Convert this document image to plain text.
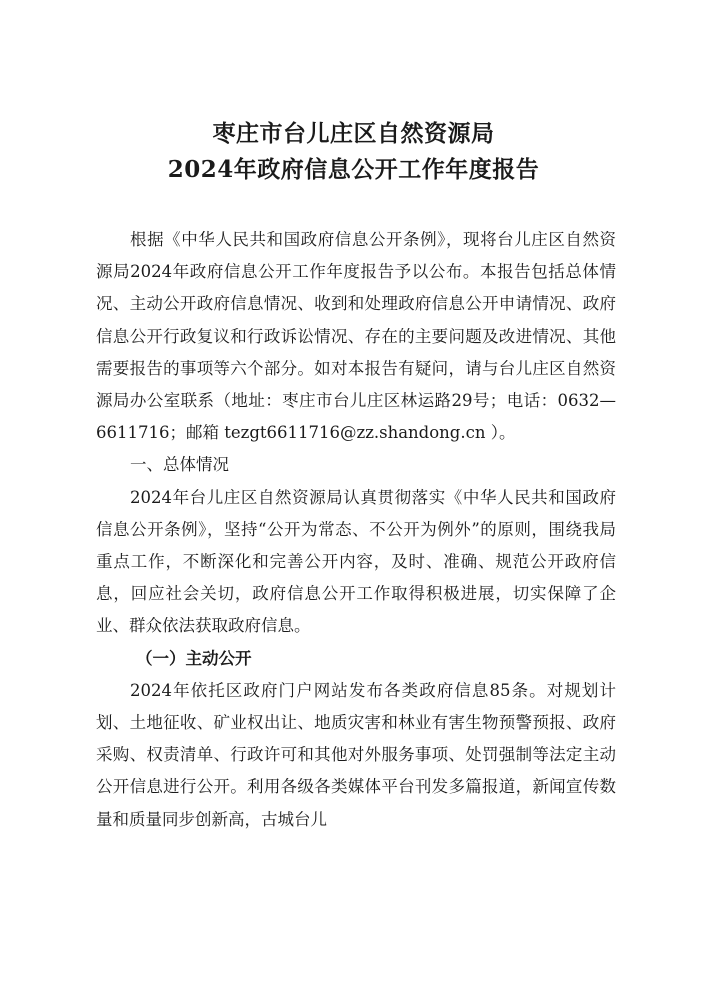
枣庄市台儿庄区自然资源局
2024年政府信息公开工作年度报告

根据《中华人民共和国政府信息公开条例》，现将台儿庄区自然资源局2024年政府信息公开工作年度报告予以公布。本报告包括总体情况、主动公开政府信息情况、收到和处理政府信息公开申请情况、政府信息公开行政复议和行政诉讼情况、存在的主要问题及改进情况、其他需要报告的事项等六个部分。如对本报告有疑问，请与台儿庄区自然资源局办公室联系（地址：枣庄市台儿庄区林运路29号；电话：0632—6611716；邮箱 tezgt6611716@zz.shandong.cn ）。

一、总体情况

2024年台儿庄区自然资源局认真贯彻落实《中华人民共和国政府信息公开条例》，坚持“公开为常态、不公开为例外”的原则，围绕我局重点工作，不断深化和完善公开内容，及时、准确、规范公开政府信息，回应社会关切，政府信息公开工作取得积极进展，切实保障了企业、群众依法获取政府信息。

（一）主动公开

2024年依托区政府门户网站发布各类政府信息85条。对规划计划、土地征收、矿业权出让、地质灾害和林业有害生物预警预报、政府采购、权责清单、行政许可和其他对外服务事项、处罚强制等法定主动公开信息进行公开。利用各级各类媒体平台刊发多篇报道，新闻宣传数量和质量同步创新高，古城台儿
